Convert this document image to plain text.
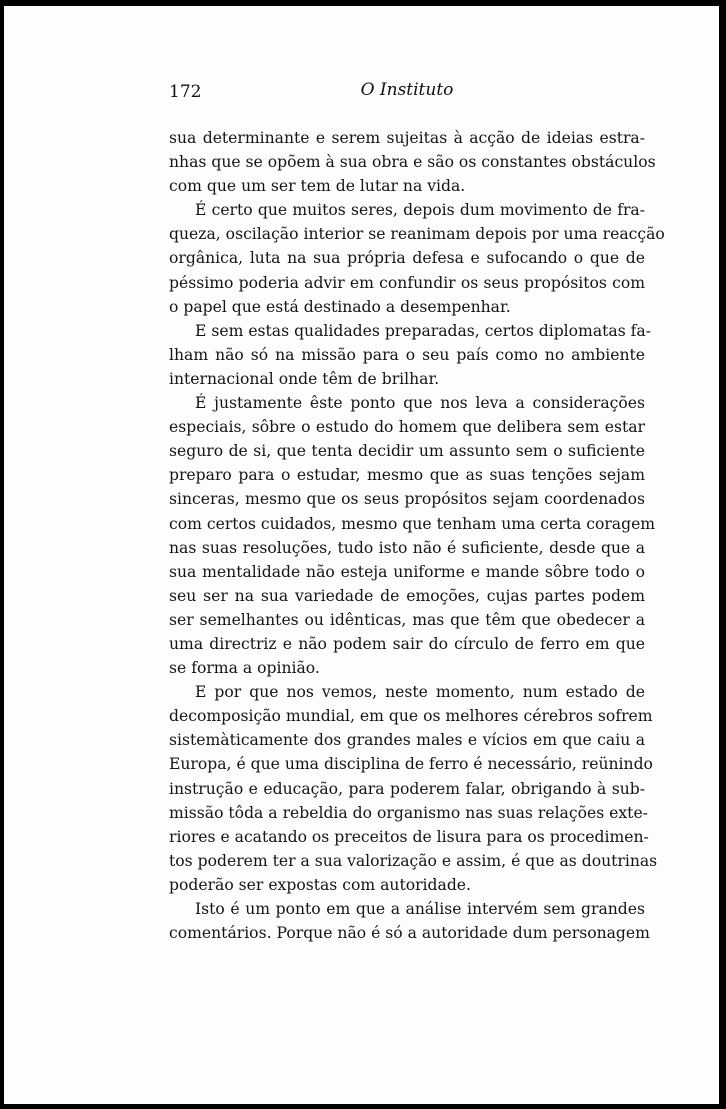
172	O Instituto
sua determinante e serem sujeitas à acção de ideias estra-
nhas que se opõem à sua obra e são os constantes obstáculos
com que um ser tem de lutar na vida.
É certo que muitos seres, depois dum movimento de fra-
queza, oscilação interior se reanimam depois por uma reacção
orgânica, luta na sua própria defesa e sufocando o que de
péssimo poderia advir em confundir os seus propósitos com
o papel que está destinado a desempenhar.
E sem estas qualidades preparadas, certos diplomatas fa-
lham não só na missão para o seu país como no ambiente
internacional onde têm de brilhar.
É justamente êste ponto que nos leva a considerações
especiais, sôbre o estudo do homem que delibera sem estar
seguro de si, que tenta decidir um assunto sem o suficiente
preparo para o estudar, mesmo que as suas tenções sejam
sinceras, mesmo que os seus propósitos sejam coordenados
com certos cuidados, mesmo que tenham uma certa coragem
nas suas resoluções, tudo isto não é suficiente, desde que a
sua mentalidade não esteja uniforme e mande sôbre todo o
seu ser na sua variedade de emoções, cujas partes podem
ser semelhantes ou idênticas, mas que têm que obedecer a
uma directriz e não podem sair do círculo de ferro em que
se forma a opinião.
E por que nos vemos, neste momento, num estado de
decomposição mundial, em que os melhores cérebros sofrem
sistemàticamente dos grandes males e vícios em que caiu a
Europa, é que uma disciplina de ferro é necessário, reünindo
instrução e educação, para poderem falar, obrigando à sub-
missão tôda a rebeldia do organismo nas suas relações exte-
riores e acatando os preceitos de lisura para os procedimen-
tos poderem ter a sua valorização e assim, é que as doutrinas
poderão ser expostas com autoridade.
Isto é um ponto em que a análise intervém sem grandes
comentários. Porque não é só a autoridade dum personagem
